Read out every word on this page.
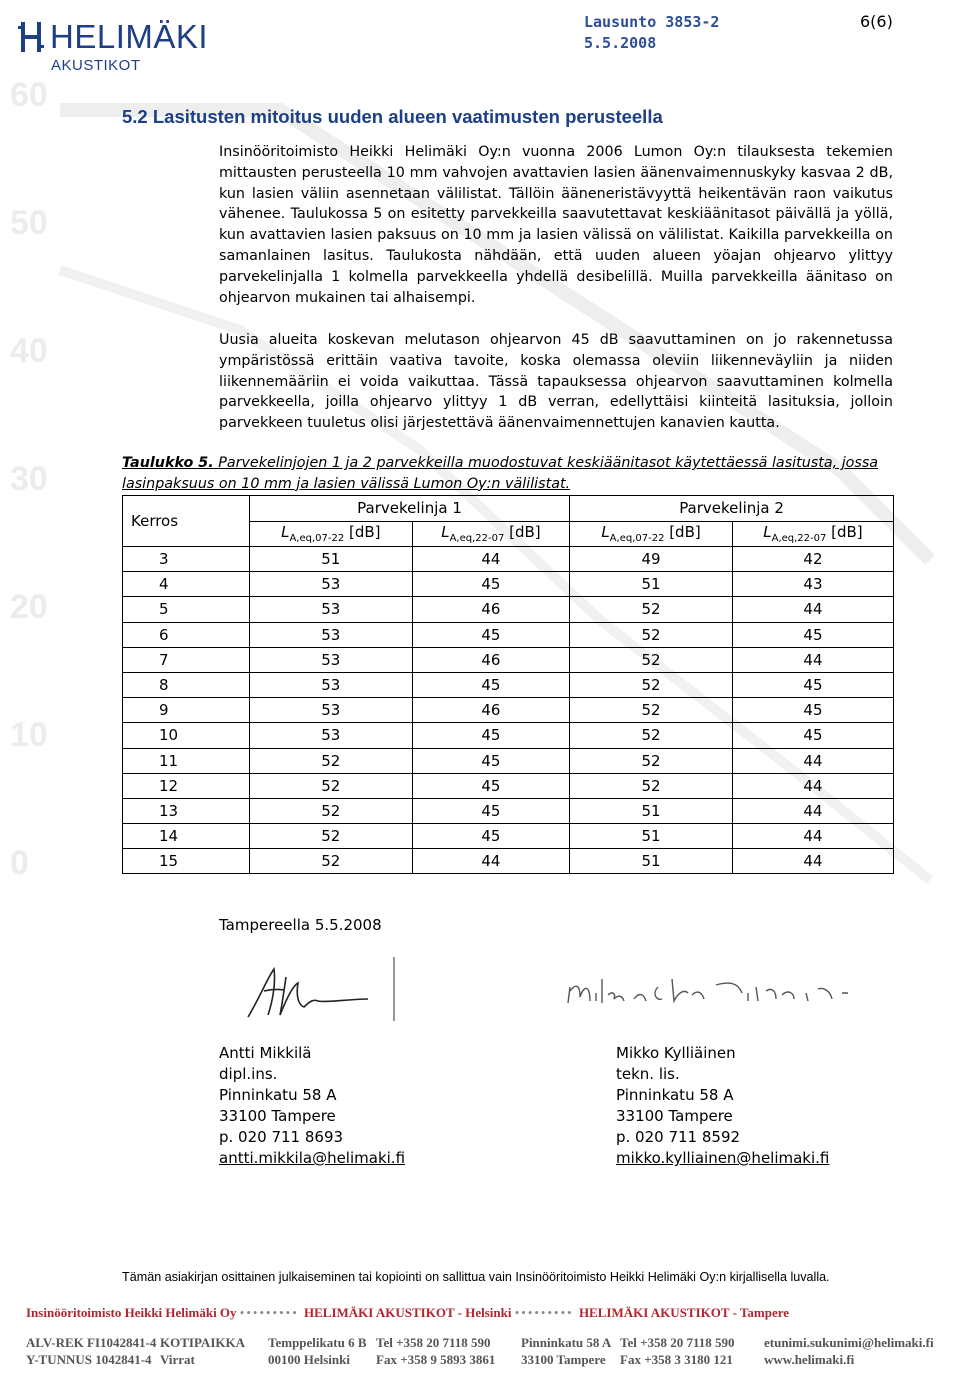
60
50
40
30
20
10
0
HELIMÄKI
AKUSTIKOT
Lausunto 3853-2
5.5.2008
6(6)
5.2 Lasitusten mitoitus uuden alueen vaatimusten perusteella
Insinööritoimisto Heikki Helimäki Oy:n vuonna 2006 Lumon Oy:n tilauksesta tekemien mittausten perusteella 10 mm vahvojen avattavien lasien äänenvaimennuskyky kasvaa 2 dB, kun lasien väliin asennetaan välilistat. Tällöin ääneneristävyyttä heikentävän raon vaikutus vähenee. Taulukossa 5 on esitetty parvekkeilla saavutettavat keskiäänitasot päivällä ja yöllä, kun avattavien lasien paksuus on 10 mm ja lasien välissä on välilistat. Kaikilla parvekkeilla on samanlainen lasitus. Taulukosta nähdään, että uuden alueen yöajan ohjearvo ylittyy parvekelinjalla 1 kolmella parvekkeella yhdellä desibelillä. Muilla parvekkeilla äänitaso on ohjearvon mukainen tai alhaisempi.
Uusia alueita koskevan melutason ohjearvon 45 dB saavuttaminen on jo rakennetussa ympäristössä erittäin vaativa tavoite, koska olemassa oleviin liikenneväyliin ja niiden liikennemääriin ei voida vaikuttaa. Tässä tapauksessa ohjearvon saavuttaminen kolmella parvekkeella, joilla ohjearvo ylittyy 1 dB verran, edellyttäisi kiinteitä lasituksia, jolloin parvekkeen tuuletus olisi järjestettävä äänenvaimennettujen kanavien kautta.
Taulukko 5. Parvekelinjojen 1 ja 2 parvekkeilla muodostuvat keskiäänitasot käytettäessä lasitusta, jossa lasinpaksuus on 10 mm ja lasien välissä Lumon Oy:n välilistat.
Kerros	Parvekelinja 1		Parvekelinja 2	
	$L_{A,eq,07-22}$ [dB]	$L_{A,eq,22-07}$ [dB]	$L_{A,eq,07-22}$ [dB]	$L_{A,eq,22-07}$ [dB]
3	51	44	49	42
4	53	45	51	43
5	53	46	52	44
6	53	45	52	45
7	53	46	52	44
8	53	45	52	45
9	53	46	52	45
10	53	45	52	45
11	52	45	52	44
12	52	45	52	44
13	52	45	51	44
14	52	45	51	44
15	52	44	51	44
Tampereella 5.5.2008
Antti Mikkilä
dipl.ins.
Pinninkatu 58 A
33100 Tampere
p. 020 711 8693
antti.mikkila@helimaki.fi
Mikko Kylliäinen
tekn. lis.
Pinninkatu 58 A
33100 Tampere
p. 020 711 8592
mikko.kylliainen@helimaki.fi
Tämän asiakirjan osittainen julkaiseminen tai kopiointi on sallittua vain Insinööritoimisto Heikki Helimäki Oy:n kirjallisella luvalla.
Insinööritoimisto Heikki Helimäki Oy ••••••••• HELIMÄKI AKUSTIKOT - Helsinki ••••••••• HELIMÄKI AKUSTIKOT - Tampere
ALV-REK FI1042841-4
Y-TUNNUS 1042841-4
KOTIPAIKKA
Virrat
Temppelikatu 6 B
00100 Helsinki
Tel +358 20 7118 590
Fax +358 9 5893 3861
Pinninkatu 58 A
33100 Tampere
Tel +358 20 7118 590
Fax +358 3 3180 121
etunimi.sukunimi@helimaki.fi
www.helimaki.fi
